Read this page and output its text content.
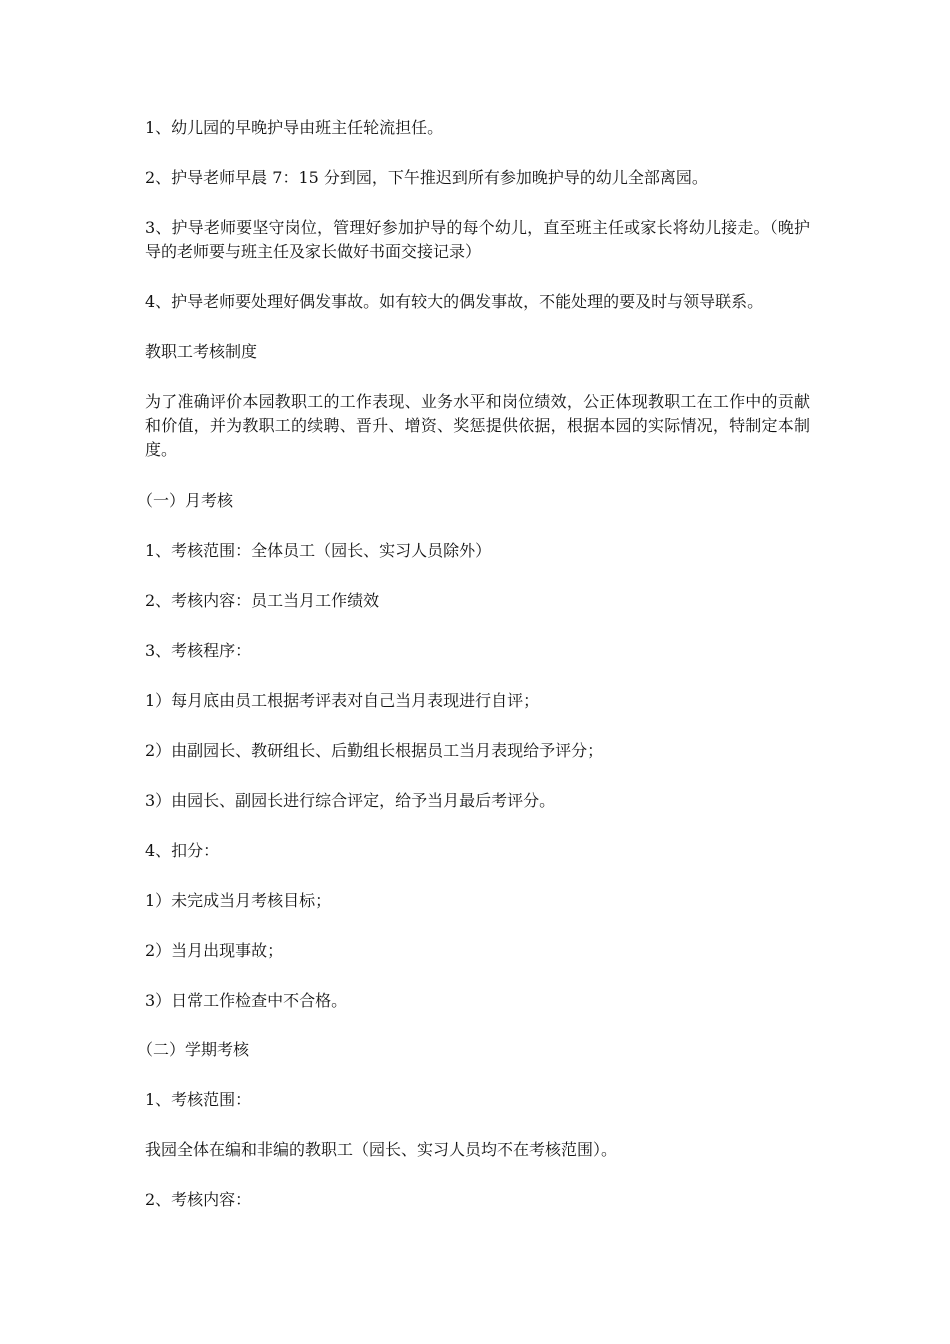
1、幼儿园的早晚护导由班主任轮流担任。

2、护导老师早晨 7：15 分到园，下午推迟到所有参加晚护导的幼儿全部离园。

3、护导老师要坚守岗位，管理好参加护导的每个幼儿，直至班主任或家长将幼儿接走。（晚护导的老师要与班主任及家长做好书面交接记录）

4、护导老师要处理好偶发事故。如有较大的偶发事故，不能处理的要及时与领导联系。

教职工考核制度

为了准确评价本园教职工的工作表现、业务水平和岗位绩效，公正体现教职工在工作中的贡献和价值，并为教职工的续聘、晋升、增资、奖惩提供依据，根据本园的实际情况，特制定本制度。

（一）月考核

1、考核范围：全体员工（园长、实习人员除外）

2、考核内容：员工当月工作绩效

3、考核程序：

1）每月底由员工根据考评表对自己当月表现进行自评；

2）由副园长、教研组长、后勤组长根据员工当月表现给予评分；

3）由园长、副园长进行综合评定，给予当月最后考评分。

4、扣分：

1）未完成当月考核目标；

2）当月出现事故；

3）日常工作检查中不合格。

（二）学期考核

1、考核范围：

我园全体在编和非编的教职工（园长、实习人员均不在考核范围）。

2、考核内容：
